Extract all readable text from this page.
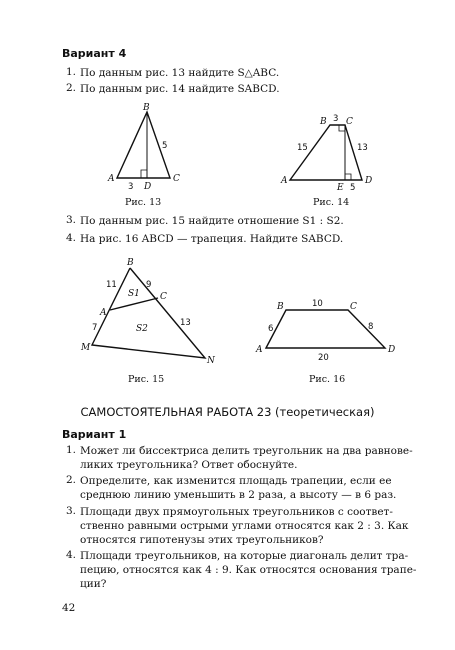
Вариант 4
1. По данным рис. 13 найдите S△ABC.
2. По данным рис. 14 найдите SABCD.
B
A	C
D
3
5
B C
A	D
E
3
15	13
5
B
A
C
M
N
11	9
7	13
S1
S2
B	C
A	D
10
6	8
20
Рис. 13	Рис. 14
3. По данным рис. 15 найдите отношение S1 : S2.
4. На рис. 16 ABCD — трапеция. Найдите SABCD.
Рис. 15	Рис. 16
САМОСТОЯТЕЛЬНАЯ РАБОТА 23 (теоретическая)
Вариант 1
1. Может ли биссектриса делить треугольник на два равнове-
ликих треугольника? Ответ обоснуйте.
2. Определите, как изменится площадь трапеции, если ее
среднюю линию уменьшить в 2 раза, а высоту — в 6 раз.
3. Площади двух прямоугольных треугольников с соответ-
ственно равными острыми углами относятся как 2 : 3. Как
относятся гипотенузы этих треугольников?
4. Площади треугольников, на которые диагональ делит тра-
пецию, относятся как 4 : 9. Как относятся основания трапе-
ции?
42
